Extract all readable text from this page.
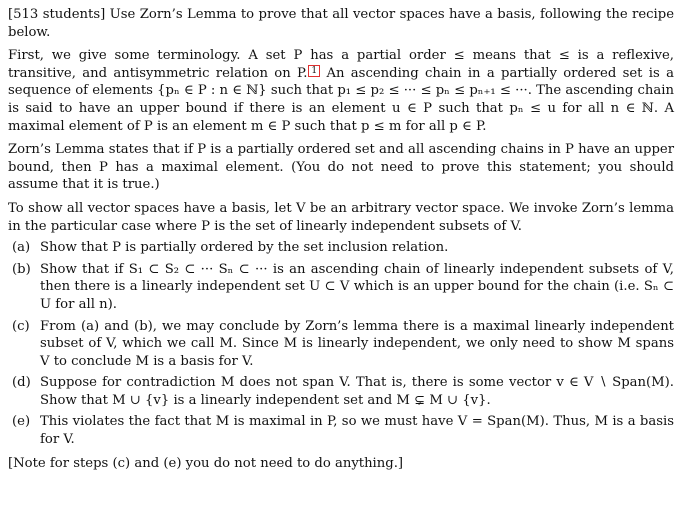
[513 students] Use Zorn’s Lemma to prove that all vector spaces have a basis, following the recipe below.

First, we give some terminology. A set P has a partial order ≤ means that ≤ is a reflexive, transitive, and antisymmetric relation on P. 1 An ascending chain in a partially ordered set is a sequence of elements {pₙ ∈ P : n ∈ ℕ} such that p₁ ≤ p₂ ≤ ··· ≤ pₙ ≤ pₙ₊₁ ≤ ···. The ascending chain is said to have an upper bound if there is an element u ∈ P such that pₙ ≤ u for all n ∈ ℕ. A maximal element of P is an element m ∈ P such that p ≤ m for all p ∈ P.

Zorn’s Lemma states that if P is a partially ordered set and all ascending chains in P have an upper bound, then P has a maximal element. (You do not need to prove this statement; you should assume that it is true.)

To show all vector spaces have a basis, let V be an arbitrary vector space. We invoke Zorn’s lemma in the particular case where P is the set of linearly independent subsets of V.

(a) Show that P is partially ordered by the set inclusion relation.
(b) Show that if S₁ ⊂ S₂ ⊂ ··· Sₙ ⊂ ··· is an ascending chain of linearly independent subsets of V, then there is a linearly independent set U ⊂ V which is an upper bound for the chain (i.e. Sₙ ⊂ U for all n).
(c) From (a) and (b), we may conclude by Zorn’s lemma there is a maximal linearly independent subset of V, which we call M. Since M is linearly independent, we only need to show M spans V to conclude M is a basis for V.
(d) Suppose for contradiction M does not span V. That is, there is some vector v ∈ V ∖ Span(M). Show that M ∪ {v} is a linearly independent set and M ⊊ M ∪ {v}.
(e) This violates the fact that M is maximal in P, so we must have V = Span(M). Thus, M is a basis for V.

[Note for steps (c) and (e) you do not need to do anything.]
